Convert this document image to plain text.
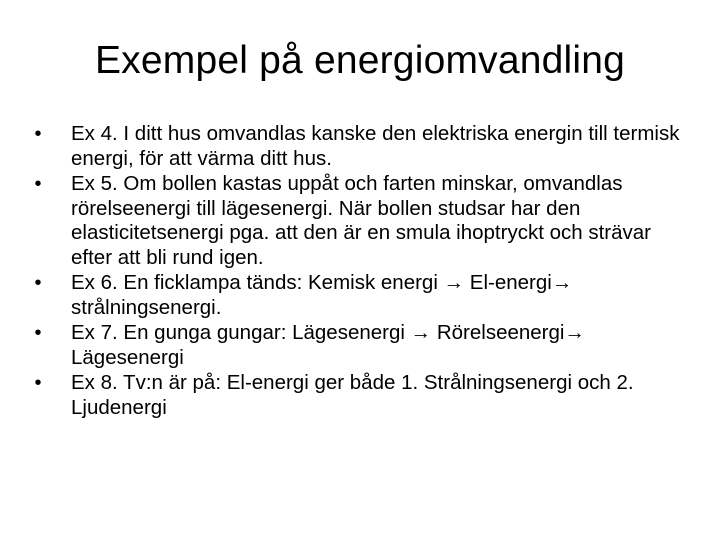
Exempel på energiomvandling
• Ex 4. I ditt hus omvandlas kanske den elektriska energin till termisk energi, för att värma ditt hus.
• Ex 5. Om bollen kastas uppåt och farten minskar, omvandlas rörelseenergi till lägesenergi. När bollen studsar har den elasticitetsenergi pga. att den är en smula ihoptryckt och strävar efter att bli rund igen.
• Ex 6. En ficklampa tänds: Kemisk energi → El-energi→ strålningsenergi.
• Ex 7. En gunga gungar: Lägesenergi → Rörelseenergi→ Lägesenergi
• Ex 8. Tv:n är på: El-energi ger både 1. Strålningsenergi och 2. Ljudenergi
